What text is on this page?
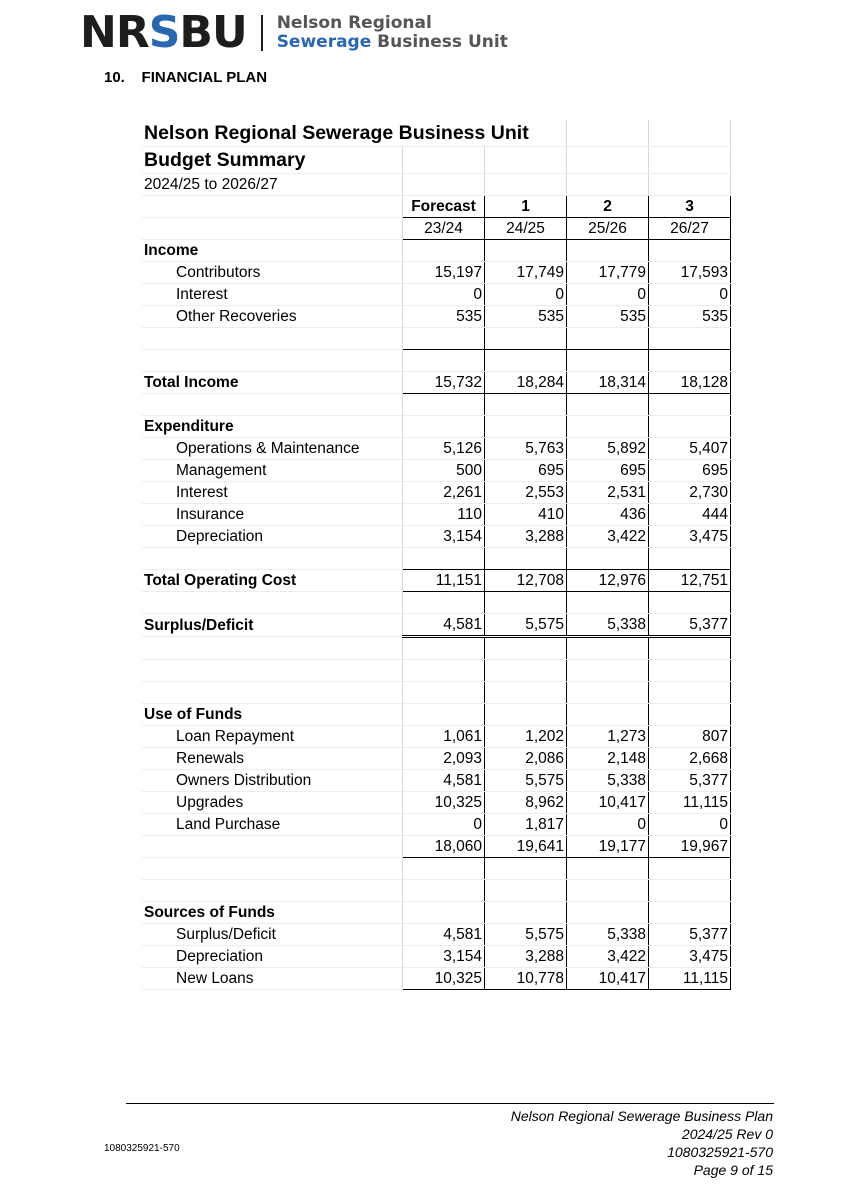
NRSBU Nelson Regional
Sewerage Business Unit
10. FINANCIAL PLAN
Nelson Regional Sewerage Business Unit					
Budget Summary					
2024/25 to 2026/27					
		Forecast	1	2	3
		23/24	24/25	25/26	26/27
Income					
	Contributors	15,197	17,749	17,779	17,593
	Interest	0	0	0	0
	Other Recoveries	535	535	535	535

Total Income		15,732	18,284	18,314	18,128

Expenditure					
	Operations & Maintenance	5,126	5,763	5,892	5,407
	Management	500	695	695	695
	Interest	2,261	2,553	2,531	2,730
	Insurance	110	410	436	444
	Depreciation	3,154	3,288	3,422	3,475

Total Operating Cost		11,151	12,708	12,976	12,751

Surplus/Deficit		4,581	5,575	5,338	5,377

Use of Funds					
	Loan Repayment	1,061	1,202	1,273	807
	Renewals	2,093	2,086	2,148	2,668
	Owners Distribution	4,581	5,575	5,338	5,377
	Upgrades	10,325	8,962	10,417	11,115
	Land Purchase	0	1,817	0	0
		18,060	19,641	19,177	19,967

Sources of Funds					
	Surplus/Deficit	4,581	5,575	5,338	5,377
	Depreciation	3,154	3,288	3,422	3,475
	New Loans	10,325	10,778	10,417	11,115
Nelson Regional Sewerage Business Plan
2024/25 Rev 0
1080325921-570
Page 9 of 15
1080325921-570
